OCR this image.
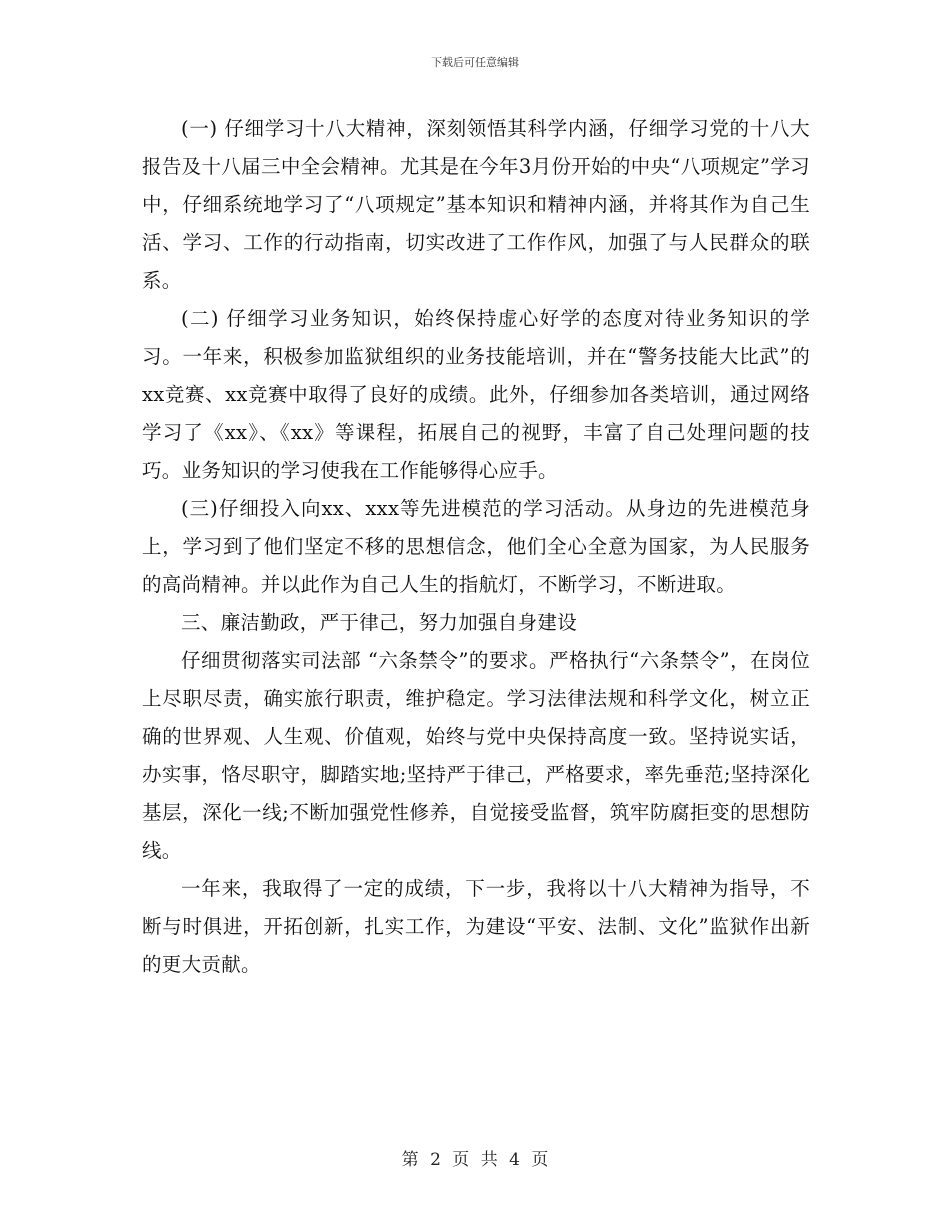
下载后可任意编辑

(一) 仔细学习十八大精神，深刻领悟其科学内涵，仔细学习党的十八大报告及十八届三中全会精神。尤其是在今年3月份开始的中央“八项规定”学习中，仔细系统地学习了“八项规定”基本知识和精神内涵，并将其作为自己生活、学习、工作的行动指南，切实改进了工作作风，加强了与人民群众的联系。

(二) 仔细学习业务知识，始终保持虚心好学的态度对待业务知识的学习。一年来，积极参加监狱组织的业务技能培训，并在“警务技能大比武”的xx竞赛、xx竞赛中取得了良好的成绩。此外，仔细参加各类培训，通过网络学习了《xx》、《xx》等课程，拓展自己的视野，丰富了自己处理问题的技巧。业务知识的学习使我在工作能够得心应手。

(三)仔细投入向xx、xxx等先进模范的学习活动。从身边的先进模范身上，学习到了他们坚定不移的思想信念，他们全心全意为国家，为人民服务的高尚精神。并以此作为自己人生的指航灯，不断学习，不断进取。

三、廉洁勤政，严于律己，努力加强自身建设

仔细贯彻落实司法部 “六条禁令”的要求。严格执行“六条禁令”，在岗位上尽职尽责，确实旅行职责，维护稳定。学习法律法规和科学文化，树立正确的世界观、人生观、价值观，始终与党中央保持高度一致。坚持说实话，办实事，恪尽职守，脚踏实地;坚持严于律己，严格要求，率先垂范;坚持深化基层，深化一线;不断加强党性修养，自觉接受监督，筑牢防腐拒变的思想防线。

一年来，我取得了一定的成绩，下一步，我将以十八大精神为指导，不断与时俱进，开拓创新，扎实工作，为建设“平安、法制、文化”监狱作出新的更大贡献。

第 2 页 共 4 页
